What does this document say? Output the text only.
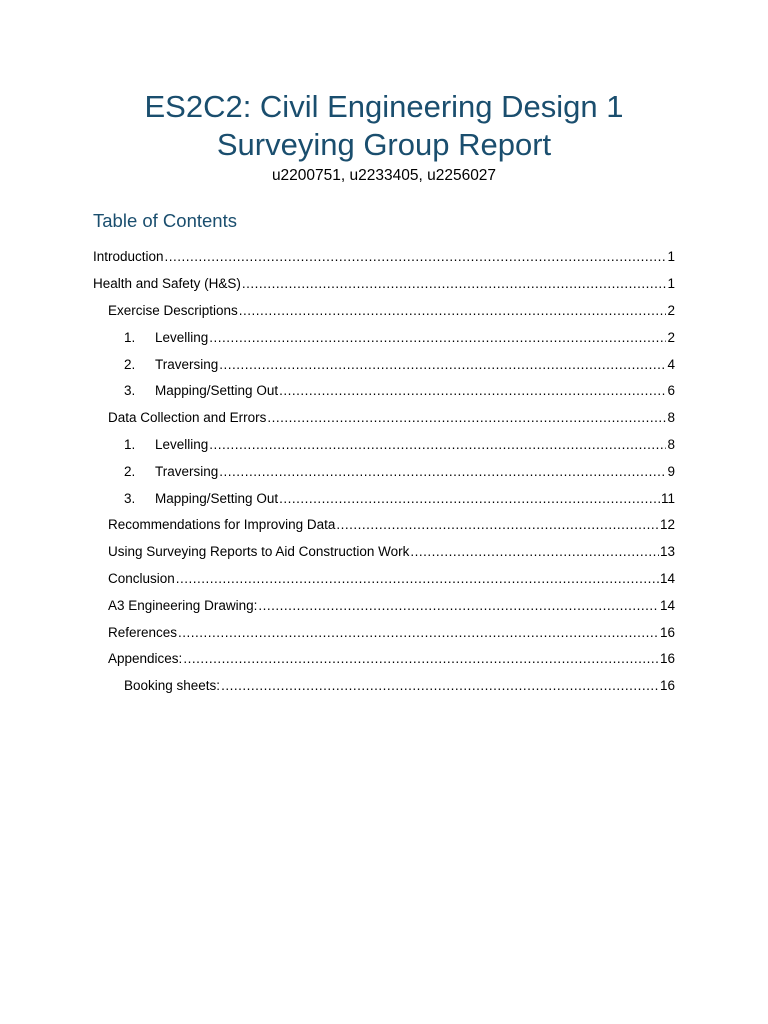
ES2C2: Civil Engineering Design 1
Surveying Group Report
u2200751, u2233405, u2256027
Table of Contents
Introduction .....	1
Health and Safety (H&S) .....	1
Exercise Descriptions .....	2
1.	Levelling .....	2
2.	Traversing .....	4
3.	Mapping/Setting Out .....	6
Data Collection and Errors .....	8
1.	Levelling .....	8
2.	Traversing .....	9
3.	Mapping/Setting Out .....	11
Recommendations for Improving Data .....	12
Using Surveying Reports to Aid Construction Work .....	13
Conclusion .....	14
A3 Engineering Drawing: .....	14
References .....	16
Appendices: .....	16
Booking sheets: .....	16
